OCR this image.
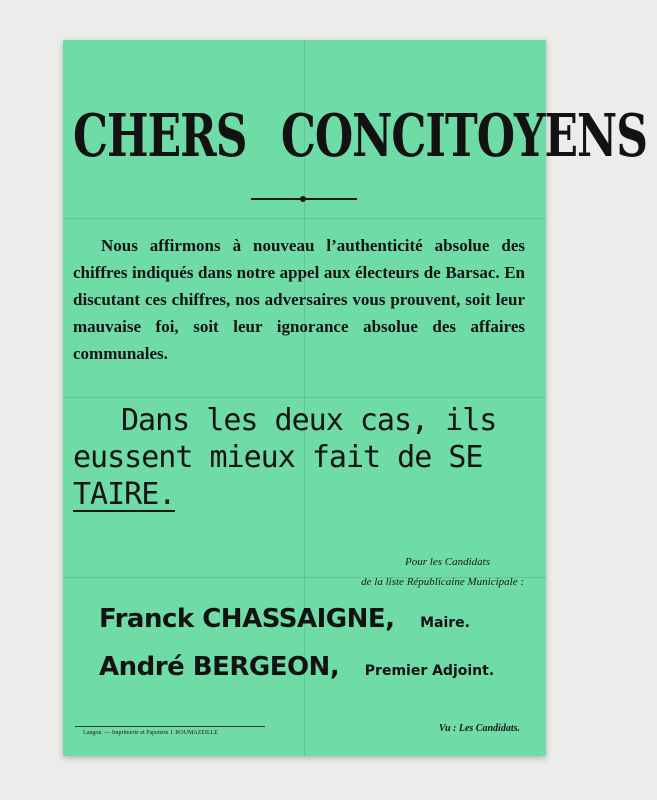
CHERS CONCITOYENS
Nous affirmons à nouveau l’authenticité absolue des chiffres indiqués dans notre appel aux électeurs de Barsac. En discutant ces chiffres, nos adversaires vous prouvent, soit leur mauvaise foi, soit leur ignorance absolue des affaires communales.
Dans les deux cas, ils
eussent mieux fait de SE
TAIRE.
Pour les Candidats
de la liste Républicaine Municipale :
Franck CHASSAIGNE, Maire.
André BERGEON, Premier Adjoint.
Langon. — Imprimerie et Papeterie J. ROUMAZEILLE	Vu : Les Candidats.
